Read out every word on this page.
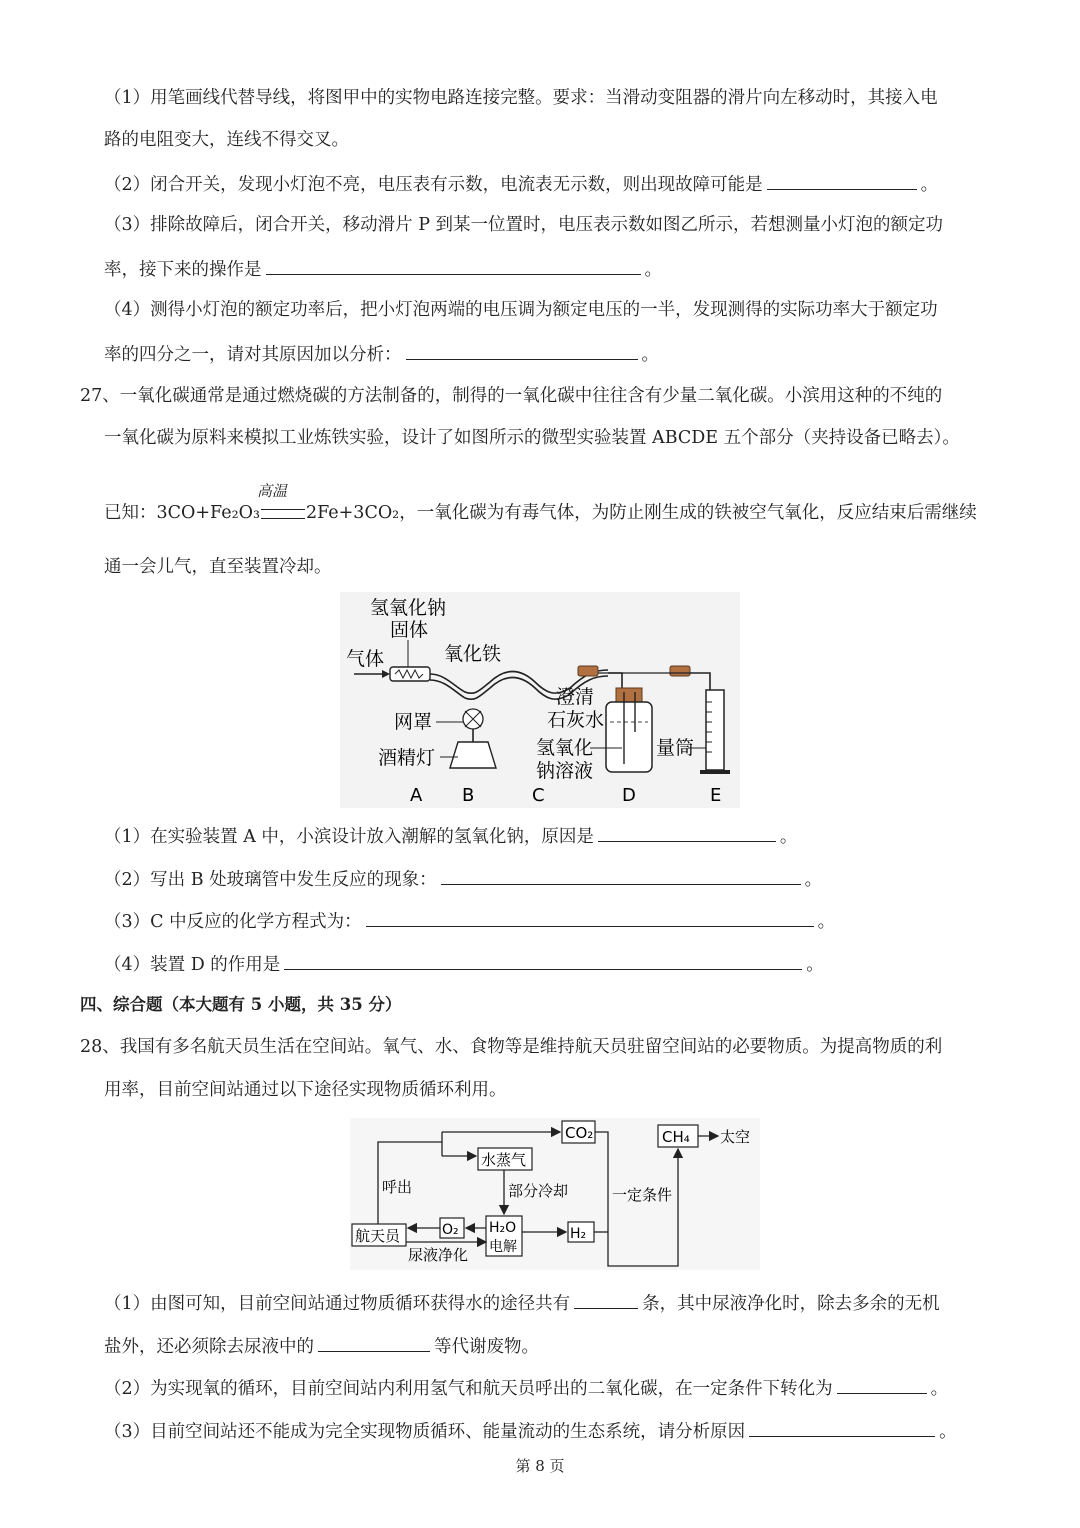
（1）用笔画线代替导线，将图甲中的实物电路连接完整。要求：当滑动变阻器的滑片向左移动时，其接入电
路的电阻变大，连线不得交叉。
（2）闭合开关，发现小灯泡不亮，电压表有示数，电流表无示数，则出现故障可能是	。
（3）排除故障后，闭合开关，移动滑片 P 到某一位置时，电压表示数如图乙所示，若想测量小灯泡的额定功
率，接下来的操作是	。
（4）测得小灯泡的额定功率后，把小灯泡两端的电压调为额定电压的一半，发现测得的实际功率大于额定功
率的四分之一，请对其原因加以分析：	。
27、一氧化碳通常是通过燃烧碳的方法制备的，制得的一氧化碳中往往含有少量二氧化碳。小滨用这种的不纯的
一氧化碳为原料来模拟工业炼铁实验，设计了如图所示的微型实验装置 ABCDE 五个部分（夹持设备已略去）。
高温
已知：3CO+Fe₂O₃	2Fe+3CO₂，一氧化碳为有毒气体，为防止刚生成的铁被空气氧化，反应结束后需继续
通一会儿气，直至装置冷却。
氢氧化钠
固体
气体	氧化铁
澄清
石灰水
网罩
酒精灯	氢氧化
钠溶液
量筒
A B	C	D	E
（1）在实验装置 A 中，小滨设计放入潮解的氢氧化钠，原因是	。
（2）写出 B 处玻璃管中发生反应的现象：	。
（3）C 中反应的化学方程式为：	。
（4）装置 D 的作用是	。
四、综合题（本大题有 5 小题，共 35 分）
28、我国有多名航天员生活在空间站。氧气、水、食物等是维持航天员驻留空间站的必要物质。为提高物质的利
用率，目前空间站通过以下途径实现物质循环利用。
CO₂	CH₄ 太空
水蒸气
呼出	部分冷却	一定条件
航天员	O₂ H₂O
电解
H₂
尿液净化
（1）由图可知，目前空间站通过物质循环获得水的途径共有	条，其中尿液净化时，除去多余的无机
盐外，还必须除去尿液中的	等代谢废物。
（2）为实现氧的循环，目前空间站内利用氢气和航天员呼出的二氧化碳，在一定条件下转化为	。
（3）目前空间站还不能成为完全实现物质循环、能量流动的生态系统，请分析原因	。
第 8 页
